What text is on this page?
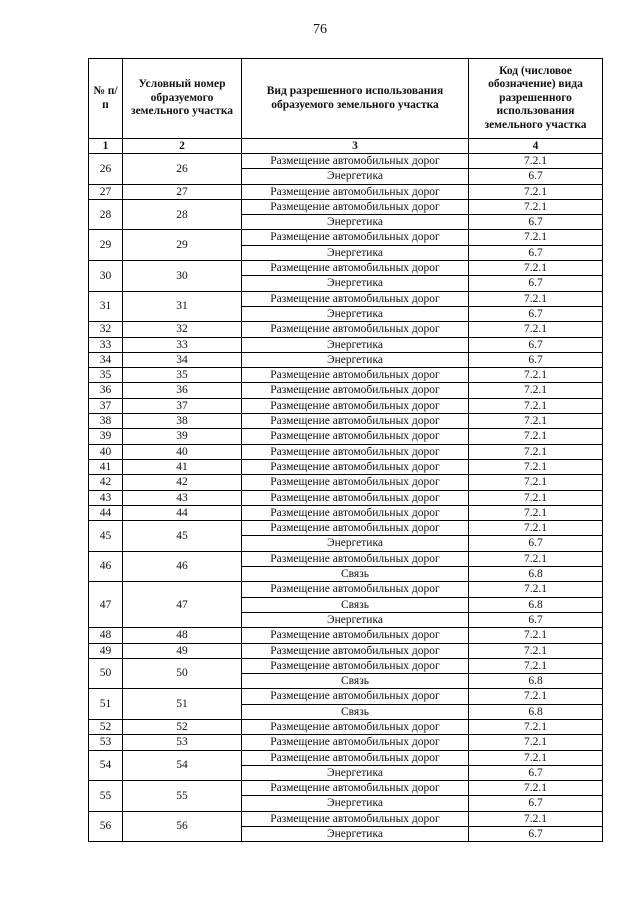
76
№ п/п	Условный номер образуемого земельного участка	Вид разрешенного использования образуемого земельного участка	Код (числовое обозначение) вида разрешенного использования земельного участка
1	2	3	4
26	26	Размещение автомобильных дорог	7.2.1
		Энергетика	6.7
27	27	Размещение автомобильных дорог	7.2.1
28	28	Размещение автомобильных дорог	7.2.1
		Энергетика	6.7
29	29	Размещение автомобильных дорог	7.2.1
		Энергетика	6.7
30	30	Размещение автомобильных дорог	7.2.1
		Энергетика	6.7
31	31	Размещение автомобильных дорог	7.2.1
		Энергетика	6.7
32	32	Размещение автомобильных дорог	7.2.1
33	33	Энергетика	6.7
34	34	Энергетика	6.7
35	35	Размещение автомобильных дорог	7.2.1
36	36	Размещение автомобильных дорог	7.2.1
37	37	Размещение автомобильных дорог	7.2.1
38	38	Размещение автомобильных дорог	7.2.1
39	39	Размещение автомобильных дорог	7.2.1
40	40	Размещение автомобильных дорог	7.2.1
41	41	Размещение автомобильных дорог	7.2.1
42	42	Размещение автомобильных дорог	7.2.1
43	43	Размещение автомобильных дорог	7.2.1
44	44	Размещение автомобильных дорог	7.2.1
45	45	Размещение автомобильных дорог	7.2.1
		Энергетика	6.7
46	46	Размещение автомобильных дорог	7.2.1
		Связь	6.8
47	47	Размещение автомобильных дорог	7.2.1
		Связь	6.8
		Энергетика	6.7
48	48	Размещение автомобильных дорог	7.2.1
49	49	Размещение автомобильных дорог	7.2.1
50	50	Размещение автомобильных дорог	7.2.1
		Связь	6.8
51	51	Размещение автомобильных дорог	7.2.1
		Связь	6.8
52	52	Размещение автомобильных дорог	7.2.1
53	53	Размещение автомобильных дорог	7.2.1
54	54	Размещение автомобильных дорог	7.2.1
		Энергетика	6.7
55	55	Размещение автомобильных дорог	7.2.1
		Энергетика	6.7
56	56	Размещение автомобильных дорог	7.2.1
		Энергетика	6.7
